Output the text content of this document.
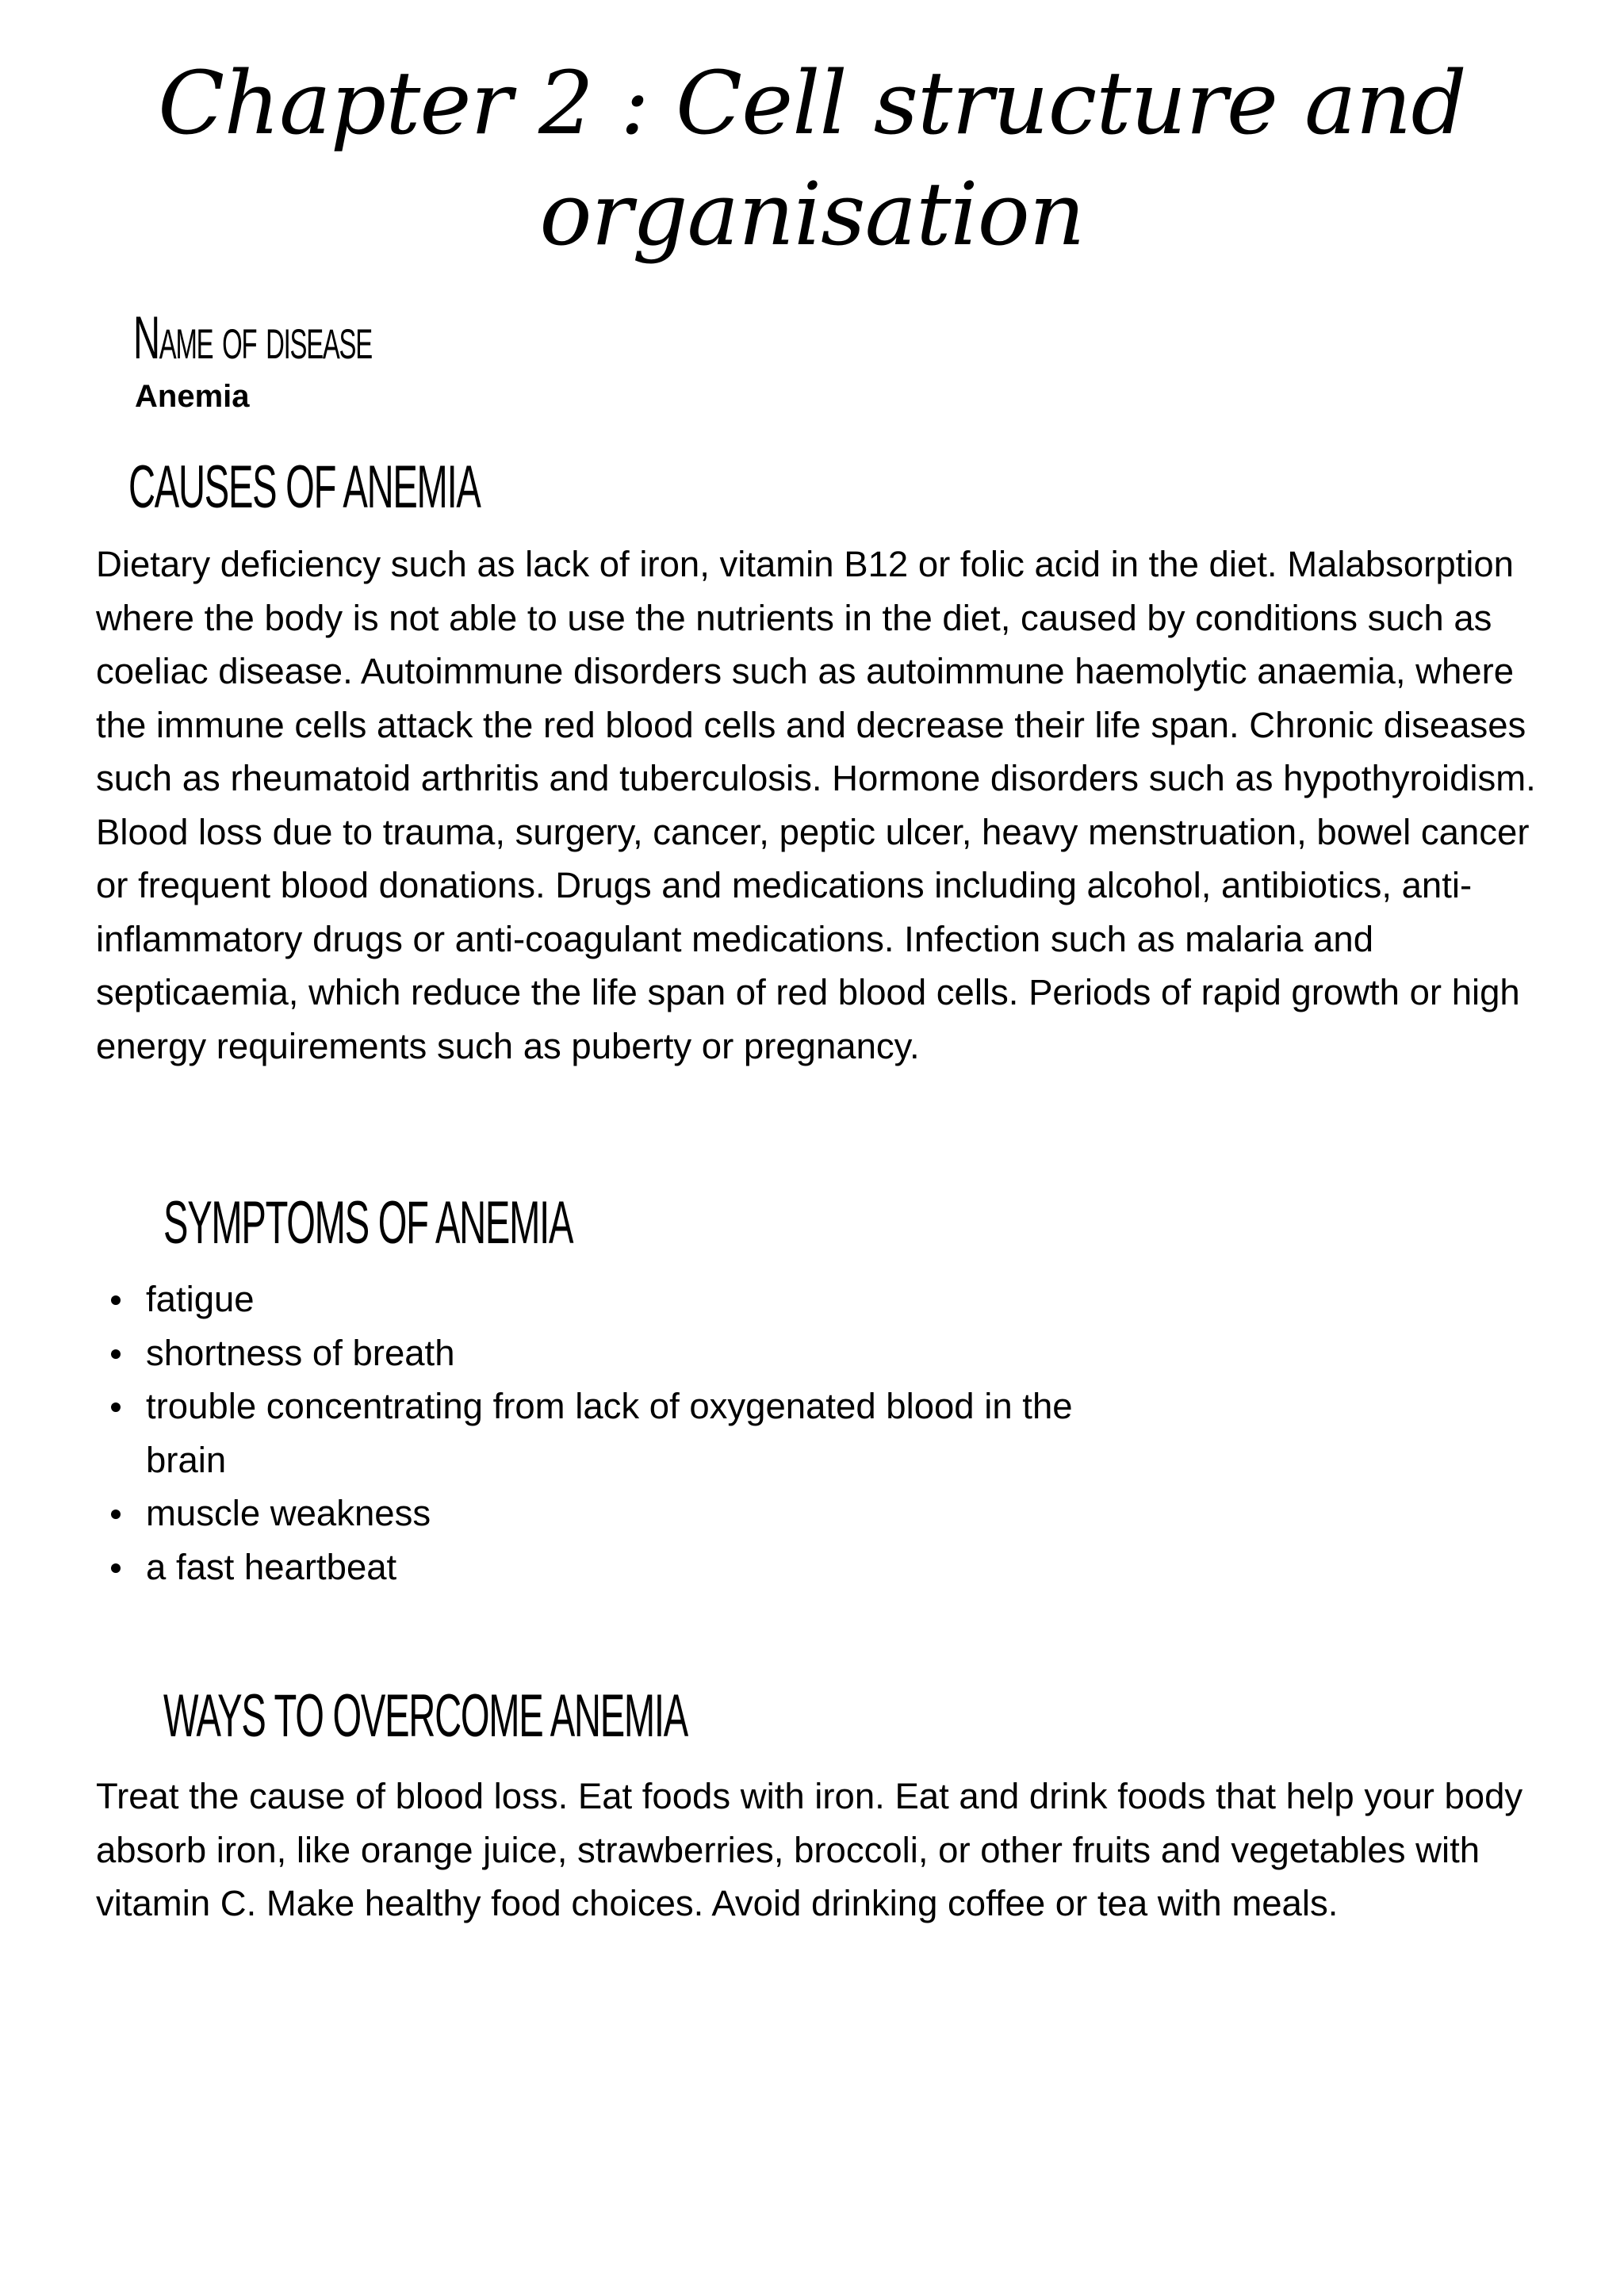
Chapter 2 : Cell structure and organisation
Name of disease

Anemia

CAUSES OF ANEMIA

Dietary deficiency such as lack of iron, vitamin B12 or folic acid in the diet. Malabsorption where the body is not able to use the nutrients in the diet, caused by conditions such as coeliac disease. Autoimmune disorders such as autoimmune haemolytic anaemia, where the immune cells attack the red blood cells and decrease their life span. Chronic diseases such as rheumatoid arthritis and tuberculosis. Hormone disorders such as hypothyroidism. Blood loss due to trauma, surgery, cancer, peptic ulcer, heavy menstruation, bowel cancer or frequent blood donations. Drugs and medications including alcohol, antibiotics, anti-inflammatory drugs or anti-coagulant medications. Infection such as malaria and septicaemia, which reduce the life span of red blood cells. Periods of rapid growth or high energy requirements such as puberty or pregnancy.

SYMPTOMS OF ANEMIA
fatigue
shortness of breath
trouble concentrating from lack of oxygenated blood in the brain
muscle weakness
a fast heartbeat
WAYS TO OVERCOME ANEMIA

Treat the cause of blood loss. Eat foods with iron. Eat and drink foods that help your body absorb iron, like orange juice, strawberries, broccoli, or other fruits and vegetables with vitamin C. Make healthy food choices. Avoid drinking coffee or tea with meals.
